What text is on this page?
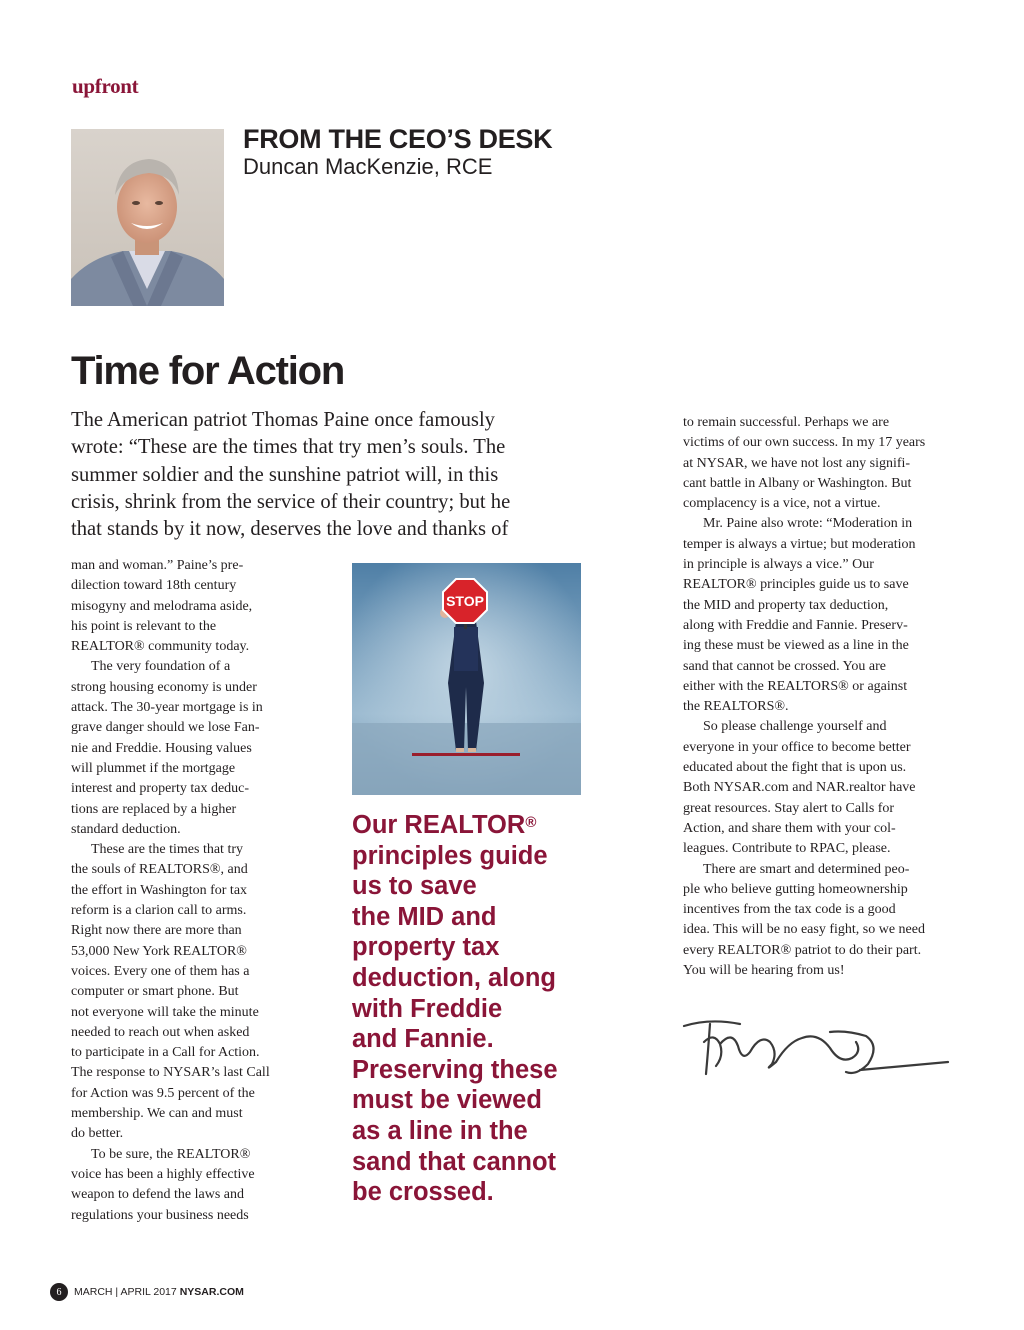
upfront
FROM THE CEO’S DESK
Duncan MacKenzie, RCE
Time for Action

The American patriot Thomas Paine once famously

wrote: “These are the times that try men’s souls. The

summer soldier and the sunshine patriot will, in this

crisis, shrink from the service of their country; but he

that stands by it now, deserves the love and thanks of

man and woman.” Paine’s pre-

dilection toward 18th century

misogyny and melodrama aside,

his point is relevant to the

REALTOR® community today.

The very foundation of a

strong housing economy is under

attack. The 30-year mortgage is in

grave danger should we lose Fan-

nie and Freddie. Housing values

will plummet if the mortgage

interest and property tax deduc-

tions are replaced by a higher

standard deduction.

These are the times that try

the souls of REALTORS®, and

the effort in Washington for tax

reform is a clarion call to arms.

Right now there are more than

53,000 New York REALTOR®

voices. Every one of them has a

computer or smart phone. But

not everyone will take the minute

needed to reach out when asked

to participate in a Call for Action.

The response to NYSAR’s last Call

for Action was 9.5 percent of the

membership. We can and must

do better.

To be sure, the REALTOR®

voice has been a highly effective

weapon to defend the laws and

regulations your business needs

STOP

Our REALTOR®

principles guide

us to save

the MID and

property tax

deduction, along

with Freddie

and Fannie.

Preserving these

must be viewed

as a line in the

sand that cannot

be crossed.

to remain successful. Perhaps we are

victims of our own success. In my 17 years

at NYSAR, we have not lost any signifi-

cant battle in Albany or Washington. But

complacency is a vice, not a virtue.

Mr. Paine also wrote: “Moderation in

temper is always a virtue; but moderation

in principle is always a vice.” Our

REALTOR® principles guide us to save

the MID and property tax deduction,

along with Freddie and Fannie. Preserv-

ing these must be viewed as a line in the

sand that cannot be crossed. You are

either with the REALTORS® or against

the REALTORS®.

So please challenge yourself and

everyone in your office to become better

educated about the fight that is upon us.

Both NYSAR.com and NAR.realtor have

great resources. Stay alert to Calls for

Action, and share them with your col-

leagues. Contribute to RPAC, please.

There are smart and determined peo-

ple who believe gutting homeownership

incentives from the tax code is a good

idea. This will be no easy fight, so we need

every REALTOR® patriot to do their part.

You will be hearing from us!

6	MARCH | APRIL 2017 NYSAR.COM
